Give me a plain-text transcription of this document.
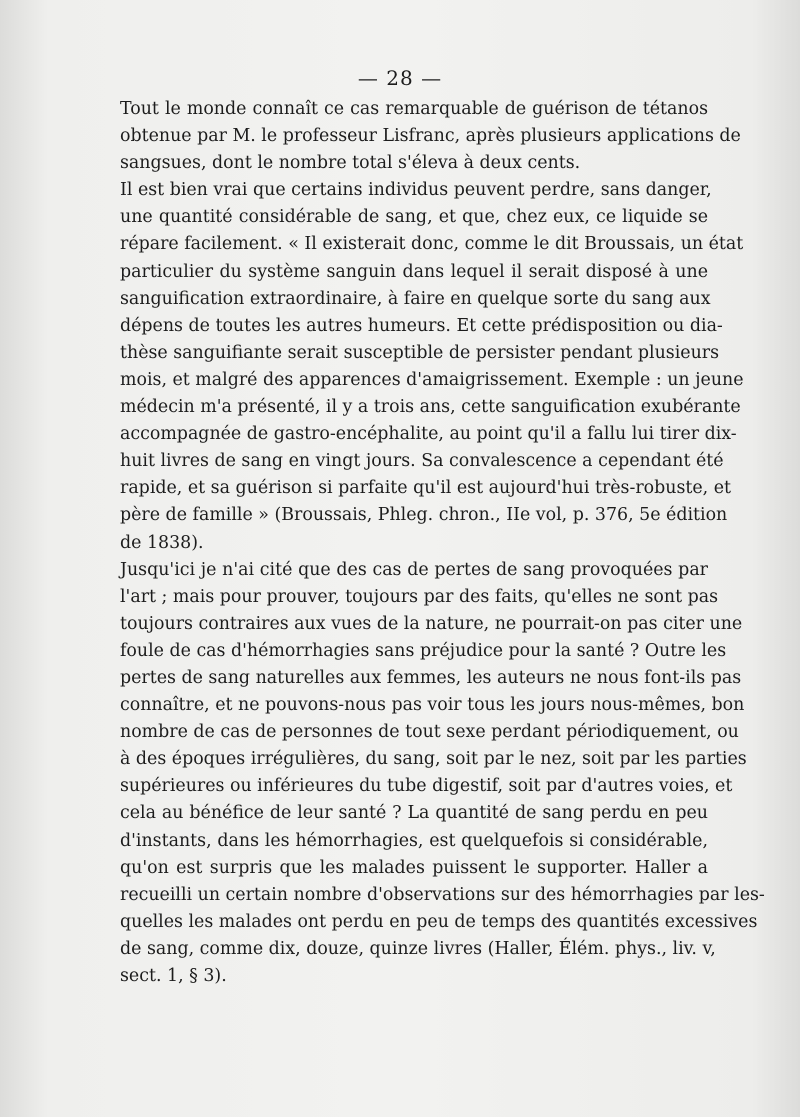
— 28 —
Tout le monde connaît ce cas remarquable de guérison de tétanos
obtenue par M. le professeur Lisfranc, après plusieurs applications de
sangsues, dont le nombre total s'éleva à deux cents.
Il est bien vrai que certains individus peuvent perdre, sans danger,
une quantité considérable de sang, et que, chez eux, ce liquide se
répare facilement. « Il existerait donc, comme le dit Broussais, un état
particulier du système sanguin dans lequel il serait disposé à une
sanguification extraordinaire, à faire en quelque sorte du sang aux
dépens de toutes les autres humeurs. Et cette prédisposition ou dia-
thèse sanguifiante serait susceptible de persister pendant plusieurs
mois, et malgré des apparences d'amaigrissement. Exemple : un jeune
médecin m'a présenté, il y a trois ans, cette sanguification exubérante
accompagnée de gastro-encéphalite, au point qu'il a fallu lui tirer dix-
huit livres de sang en vingt jours. Sa convalescence a cependant été
rapide, et sa guérison si parfaite qu'il est aujourd'hui très-robuste, et
père de famille » (Broussais, Phleg. chron., IIe vol, p. 376, 5e édition
de 1838).
Jusqu'ici je n'ai cité que des cas de pertes de sang provoquées par
l'art ; mais pour prouver, toujours par des faits, qu'elles ne sont pas
toujours contraires aux vues de la nature, ne pourrait-on pas citer une
foule de cas d'hémorrhagies sans préjudice pour la santé ? Outre les
pertes de sang naturelles aux femmes, les auteurs ne nous font-ils pas
connaître, et ne pouvons-nous pas voir tous les jours nous-mêmes, bon
nombre de cas de personnes de tout sexe perdant périodiquement, ou
à des époques irrégulières, du sang, soit par le nez, soit par les parties
supérieures ou inférieures du tube digestif, soit par d'autres voies, et
cela au bénéfice de leur santé ? La quantité de sang perdu en peu
d'instants, dans les hémorrhagies, est quelquefois si considérable,
qu'on est surpris que les malades puissent le supporter. Haller a
recueilli un certain nombre d'observations sur des hémorrhagies par les-
quelles les malades ont perdu en peu de temps des quantités excessives
de sang, comme dix, douze, quinze livres (Haller, Élém. phys., liv. v,
sect. 1, § 3).
